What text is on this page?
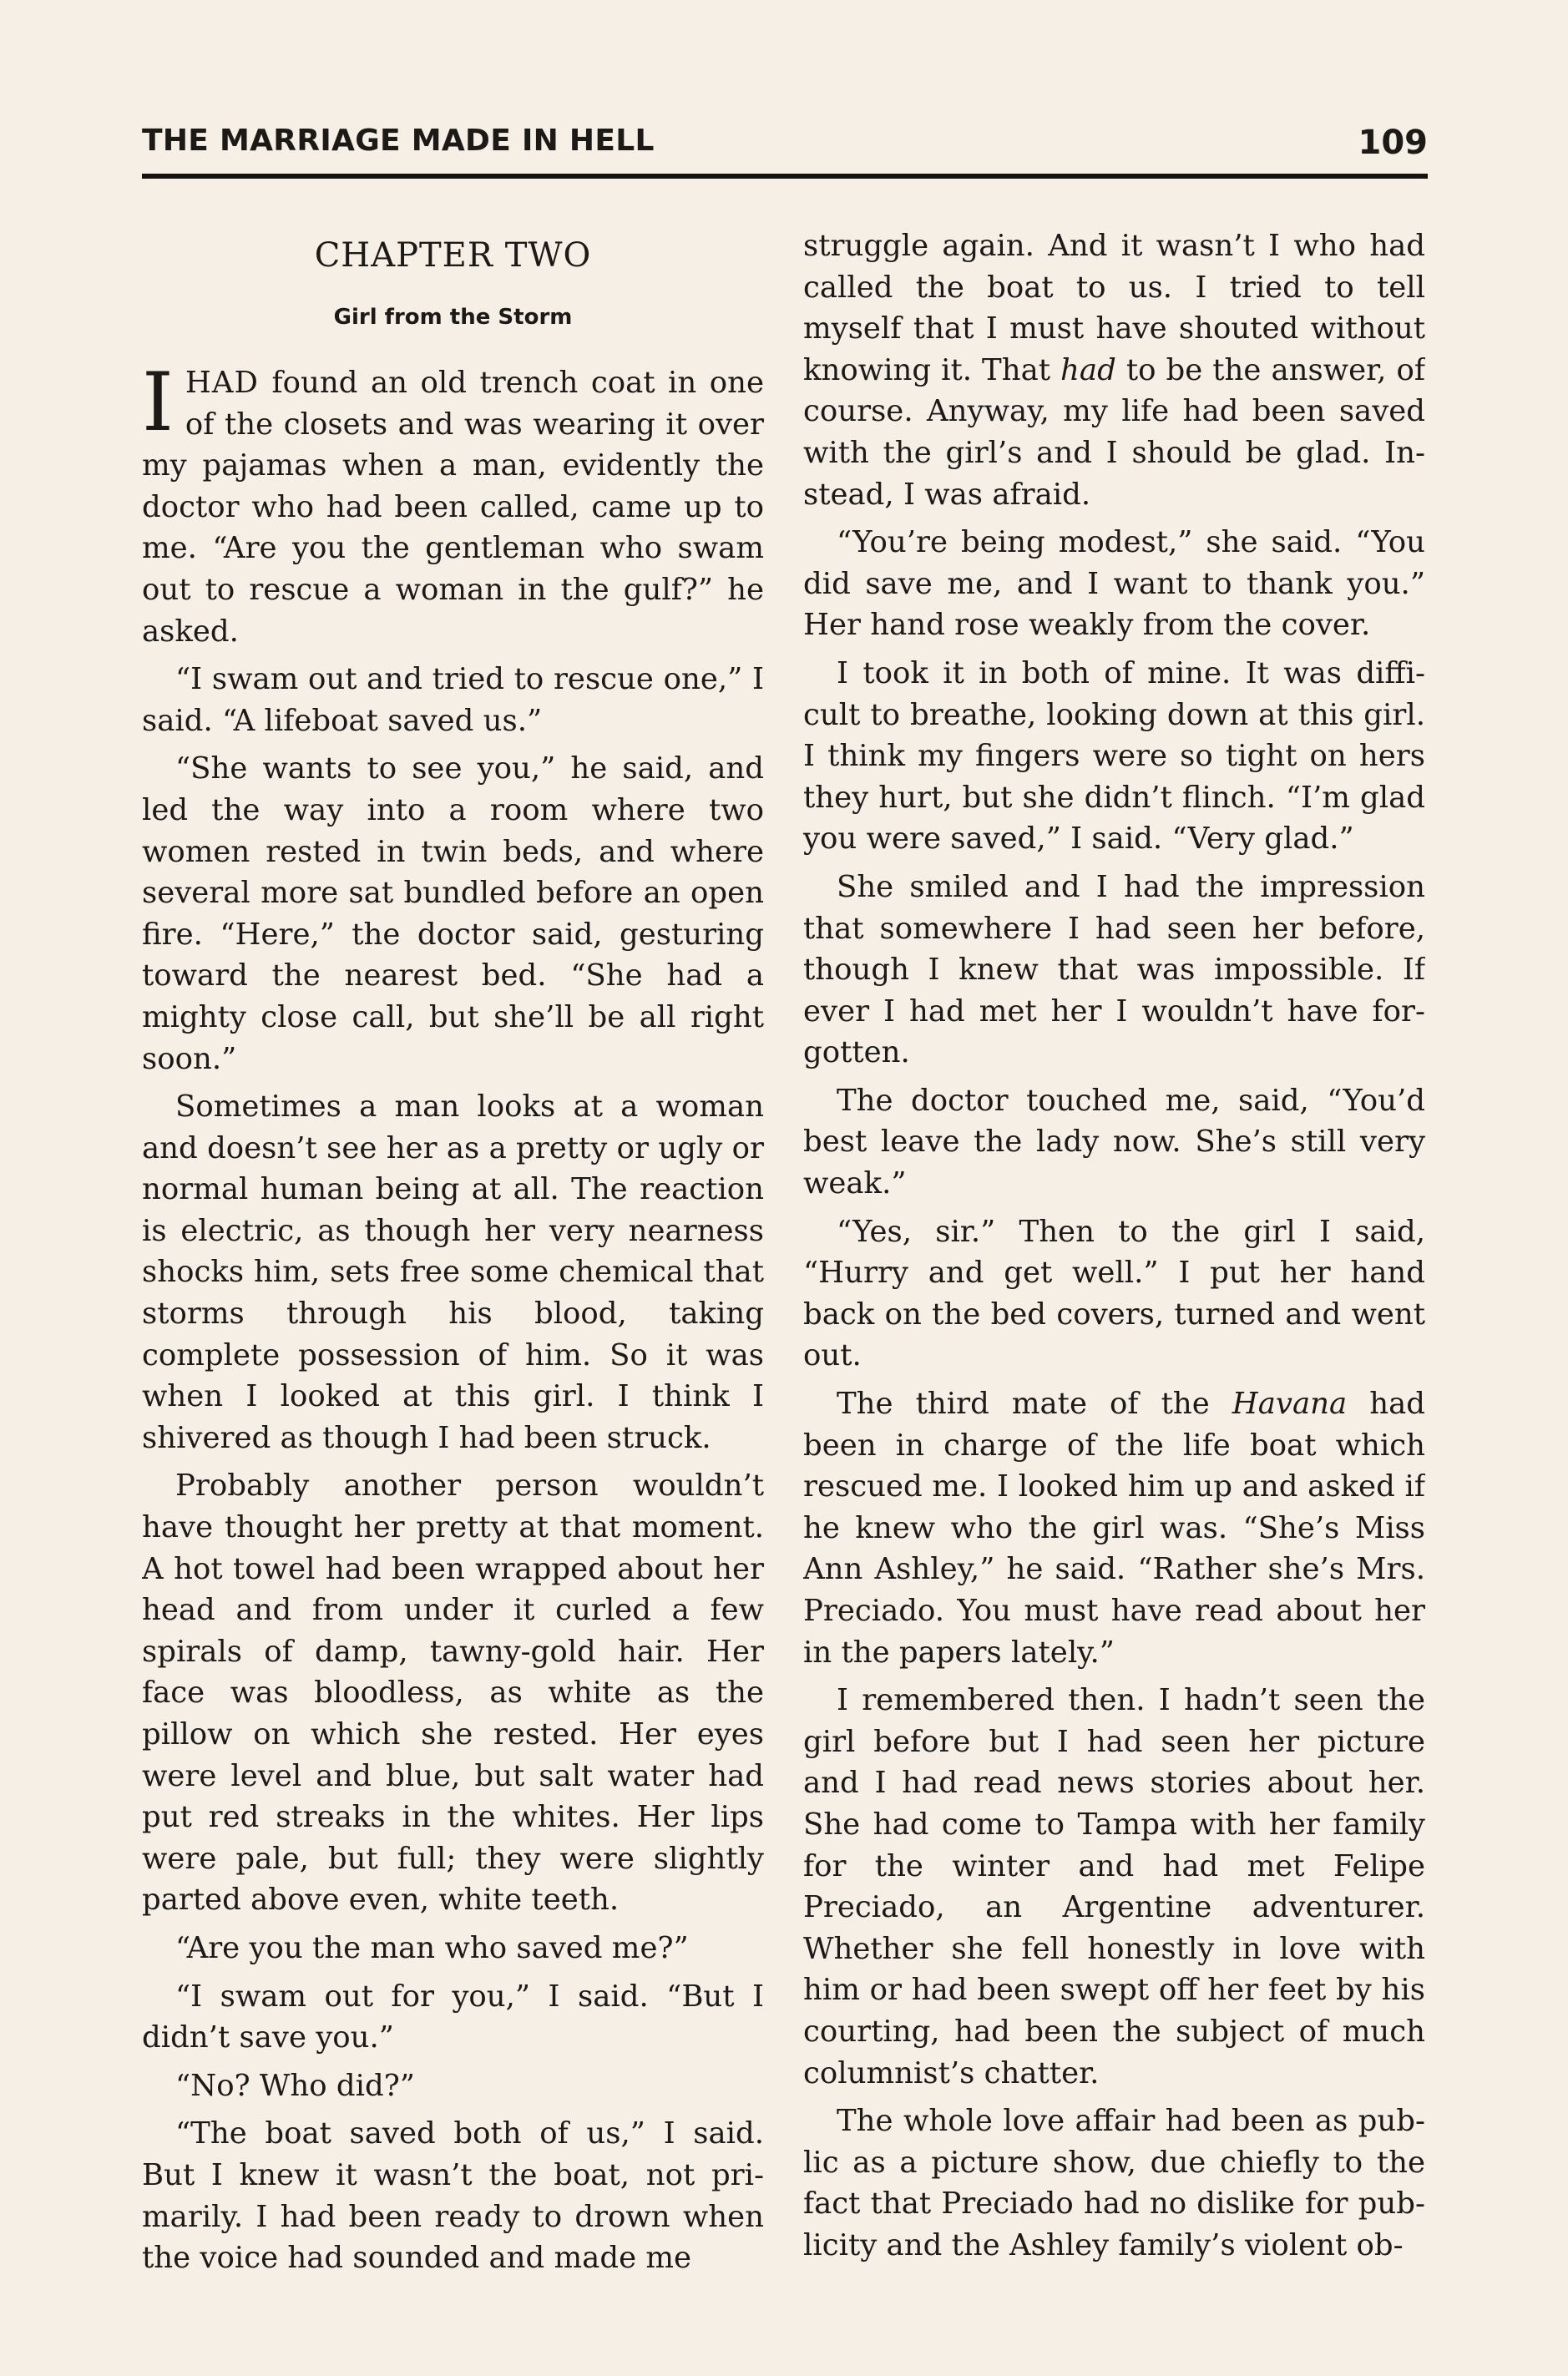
THE MARRIAGE MADE IN HELL	109
CHAPTER TWO
Girl from the Storm

IHAD found an old trench coat in one of the closets and was wearing it over my pajamas when a man, evidently the doctor who had been called, came up to me. “Are you the gentleman who swam out to rescue a woman in the gulf?” he asked.

“I swam out and tried to rescue one,” I said. “A lifeboat saved us.”

“She wants to see you,” he said, and led the way into a room where two women rested in twin beds, and where several more sat bundled before an open fire. “Here,” the doctor said, gesturing toward the nearest bed. “She had a mighty close call, but she’ll be all right soon.”

Sometimes a man looks at a woman and doesn’t see her as a pretty or ugly or normal human being at all. The reaction is electric, as though her very nearness shocks him, sets free some chemical that storms through his blood, taking complete possession of him. So it was when I looked at this girl. I think I shivered as though I had been struck.

Probably another person wouldn’t have thought her pretty at that moment. A hot towel had been wrapped about her head and from under it curled a few spirals of damp, tawny-gold hair. Her face was bloodless, as white as the pillow on which she rested. Her eyes were level and blue, but salt water had put red streaks in the whites. Her lips were pale, but full; they were slightly parted above even, white teeth.

“Are you the man who saved me?”

“I swam out for you,” I said. “But I didn’t save you.”

“No? Who did?”

“The boat saved both of us,” I said. But I knew it wasn’t the boat, not primarily. I had been ready to drown when the voice had sounded and made me

struggle again. And it wasn’t I who had called the boat to us. I tried to tell myself that I must have shouted without knowing it. That had to be the answer, of course. Anyway, my life had been saved with the girl’s and I should be glad. Instead, I was afraid.

“You’re being modest,” she said. “You did save me, and I want to thank you.” Her hand rose weakly from the cover.

I took it in both of mine. It was difficult to breathe, looking down at this girl. I think my fingers were so tight on hers they hurt, but she didn’t flinch. “I’m glad you were saved,” I said. “Very glad.”

She smiled and I had the impression that somewhere I had seen her before, though I knew that was impossible. If ever I had met her I wouldn’t have forgotten.

The doctor touched me, said, “You’d best leave the lady now. She’s still very weak.”

“Yes, sir.” Then to the girl I said, “Hurry and get well.” I put her hand back on the bed covers, turned and went out.

The third mate of the Havana had been in charge of the life boat which rescued me. I looked him up and asked if he knew who the girl was. “She’s Miss Ann Ashley,” he said. “Rather she’s Mrs. Preciado. You must have read about her in the papers lately.”

I remembered then. I hadn’t seen the girl before but I had seen her picture and I had read news stories about her. She had come to Tampa with her family for the winter and had met Felipe Preciado, an Argentine adventurer. Whether she fell honestly in love with him or had been swept off her feet by his courting, had been the subject of much columnist’s chatter.

The whole love affair had been as public as a picture show, due chiefly to the fact that Preciado had no dislike for publicity and the Ashley family’s violent ob-
